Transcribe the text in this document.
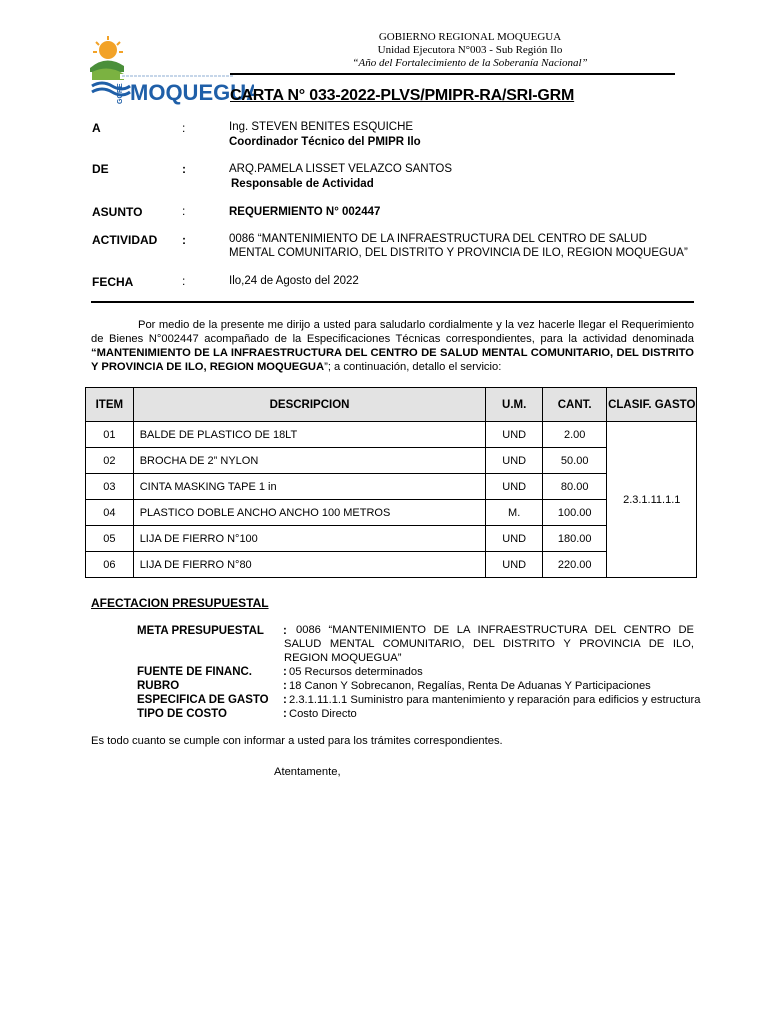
GORE MOQUEGUA
GOBIERNO REGIONAL MOQUEGUA
Unidad Ejecutora N°003 - Sub Región Ilo
“Año del Fortalecimiento de la Soberanía Nacional”
CARTA N° 033-2022-PLVS/PMIPR-RA/SRI-GRM
A	:	Ing. STEVEN BENITES ESQUICHE
Coordinador Técnico del PMIPR Ilo
DE	:	ARQ.PAMELA LISSET VELAZCO SANTOS
Responsable de Actividad
ASUNTO	:	REQUERMIENTO N° 002447
ACTIVIDAD :	0086 “MANTENIMIENTO DE LA INFRAESTRUCTURA DEL CENTRO DE SALUD
MENTAL COMUNITARIO, DEL DISTRITO Y PROVINCIA DE ILO, REGION MOQUEGUA”
FECHA	:	Ilo,24 de Agosto del 2022
Por medio de la presente me dirijo a usted para saludarlo cordialmente y la vez hacerle llegar el Requerimiento de Bienes N°002447 acompañado de la Especificaciones Técnicas correspondientes, para la actividad denominada “MANTENIMIENTO DE LA INFRAESTRUCTURA DEL CENTRO DE SALUD MENTAL COMUNITARIO, DEL DISTRITO Y PROVINCIA DE ILO, REGION MOQUEGUA”; a continuación, detallo el servicio:
ITEM	DESCRIPCION	U.M.	CANT.	CLASIF. GASTO
01	BALDE DE PLASTICO DE 18LT	UND	2.00	2.3.1.11.1.1
02	BROCHA DE 2” NYLON	UND	50.00	
03	CINTA MASKING TAPE 1 in	UND	80.00	
04	PLASTICO DOBLE ANCHO ANCHO 100 METROS	M.	100.00	
05	LIJA DE FIERRO N°100	UND	180.00	
06	LIJA DE FIERRO N°80	UND	220.00	
AFECTACION PRESUPUESTAL
META PRESUPUESTAL : 0086 “MANTENIMIENTO DE LA INFRAESTRUCTURA DEL CENTRO DE SALUD MENTAL COMUNITARIO, DEL DISTRITO Y PROVINCIA DE ILO, REGION MOQUEGUA”
FUENTE DE FINANC.	: 05 Recursos determinados
RUBRO	: 18 Canon Y Sobrecanon, Regalías, Renta De Aduanas Y Participaciones
ESPECIFICA DE GASTO : 2.3.1.11.1.1 Suministro para mantenimiento y reparación para edificios y estructura
TIPO DE COSTO	: Costo Directo
Es todo cuanto se cumple con informar a usted para los trámites correspondientes.
Atentamente,
